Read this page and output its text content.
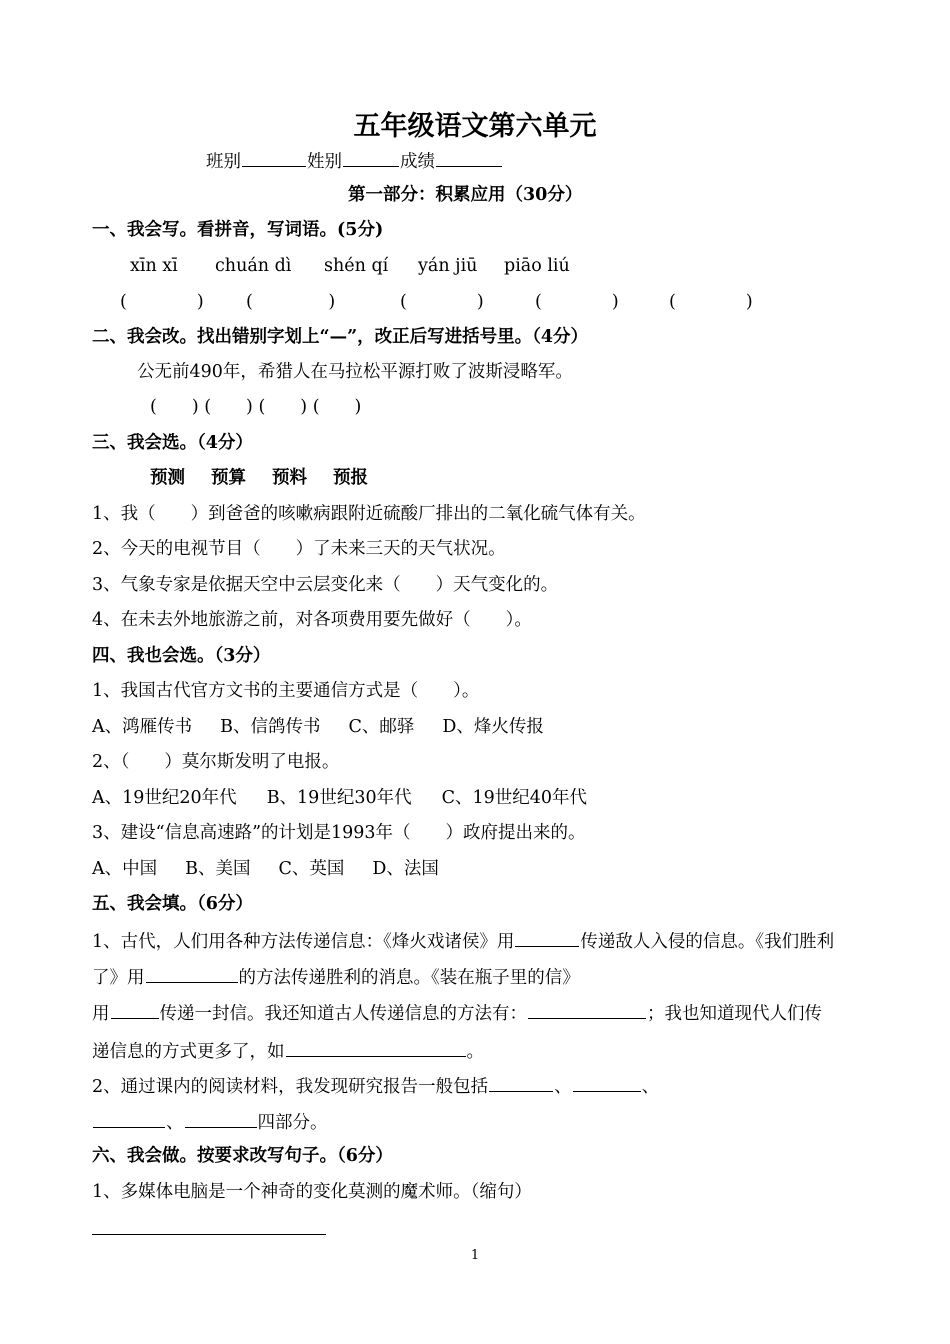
五年级语文第六单元
班别	姓别	成绩
第一部分：积累应用（30分）
一、我会写。看拼音，写词语。(5分)
xīn xī chuán dì shén qí yán jiū piāo liú
(　　　　) (　　　　 )	(　　　　)	(　　　　)	(　　　　)
二、我会改。找出错别字划上“—”，改正后写进括号里。（4分）
公无前490年，希猎人在马拉松平源打败了波斯浸略军。
(　　) (　　) (　　) (　　)
三、我会选。（4分）
预测 预算 预料 预报
1、我（　　）到爸爸的咳嗽病跟附近硫酸厂排出的二氧化硫气体有关。
2、今天的电视节目（　　）了未来三天的天气状况。
3、气象专家是依据天空中云层变化来（　　）天气变化的。
4、在未去外地旅游之前，对各项费用要先做好（　　）。
四、我也会选。（3分）
1、我国古代官方文书的主要通信方式是（　　）。
A、鸿雁传书 B、信鸽传书 C、邮驿 D、烽火传报
2、（　　）莫尔斯发明了电报。
A、19世纪20年代 B、19世纪30年代 C、19世纪40年代
3、建设“信息高速路”的计划是1993年（　　）政府提出来的。
A、中国 B、美国 C、英国 D、法国
五、我会填。（6分）
1、古代，人们用各种方法传递信息：《烽火戏诸侯》用	传递敌人入侵的信息。《我们胜利
了》用	的方法传递胜利的消息。《装在瓶子里的信》
用	传递一封信。我还知道古人传递信息的方法有：	；我也知道现代人们传
递信息的方式更多了，如	。
2、通过课内的阅读材料，我发现研究报告一般包括	、	、
、	四部分。
六、我会做。按要求改写句子。（6分）
1、多媒体电脑是一个神奇的变化莫测的魔术师。（缩句）
1
